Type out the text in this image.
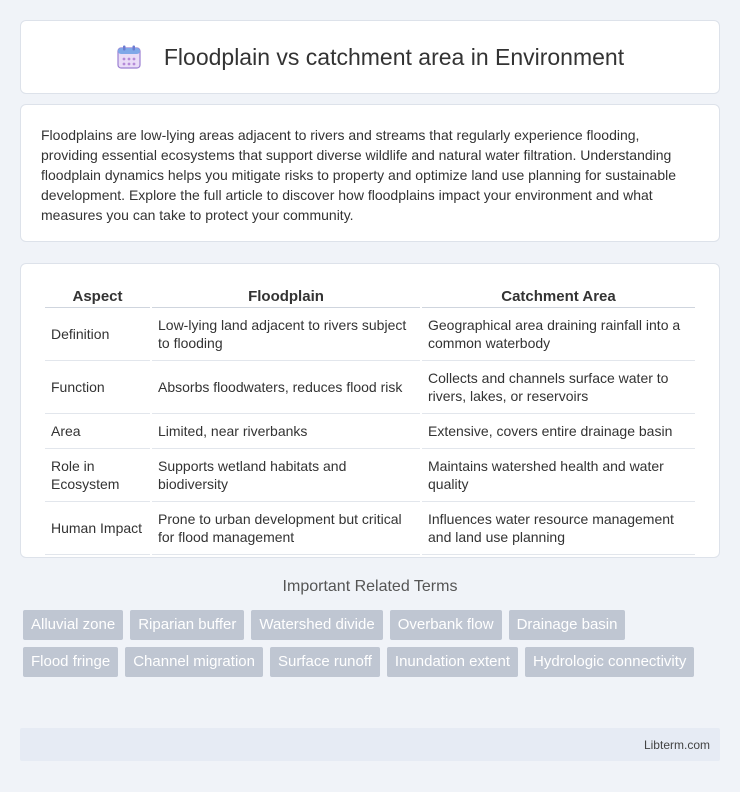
Floodplain vs catchment area in Environment

Floodplains are low-lying areas adjacent to rivers and streams that regularly experience flooding, providing essential ecosystems that support diverse wildlife and natural water filtration. Understanding floodplain dynamics helps you mitigate risks to property and optimize land use planning for sustainable development. Explore the full article to discover how floodplains impact your environment and what measures you can take to protect your community.

Aspect	Floodplain	Catchment Area
Definition	Low-lying land adjacent to rivers subject to flooding	Geographical area draining rainfall into a common waterbody
Function	Absorbs floodwaters, reduces flood risk	Collects and channels surface water to rivers, lakes, or reservoirs
Area	Limited, near riverbanks	Extensive, covers entire drainage basin
Role in Ecosystem	Supports wetland habitats and biodiversity	Maintains watershed health and water quality
Human Impact	Prone to urban development but critical for flood management	Influences water resource management and land use planning
Important Related Terms
Alluvial zone	Riparian buffer	Watershed divide	Overbank flow	Drainage basin
Flood fringe	Channel migration	Surface runoff	Inundation extent	Hydrologic connectivity
Libterm.com
